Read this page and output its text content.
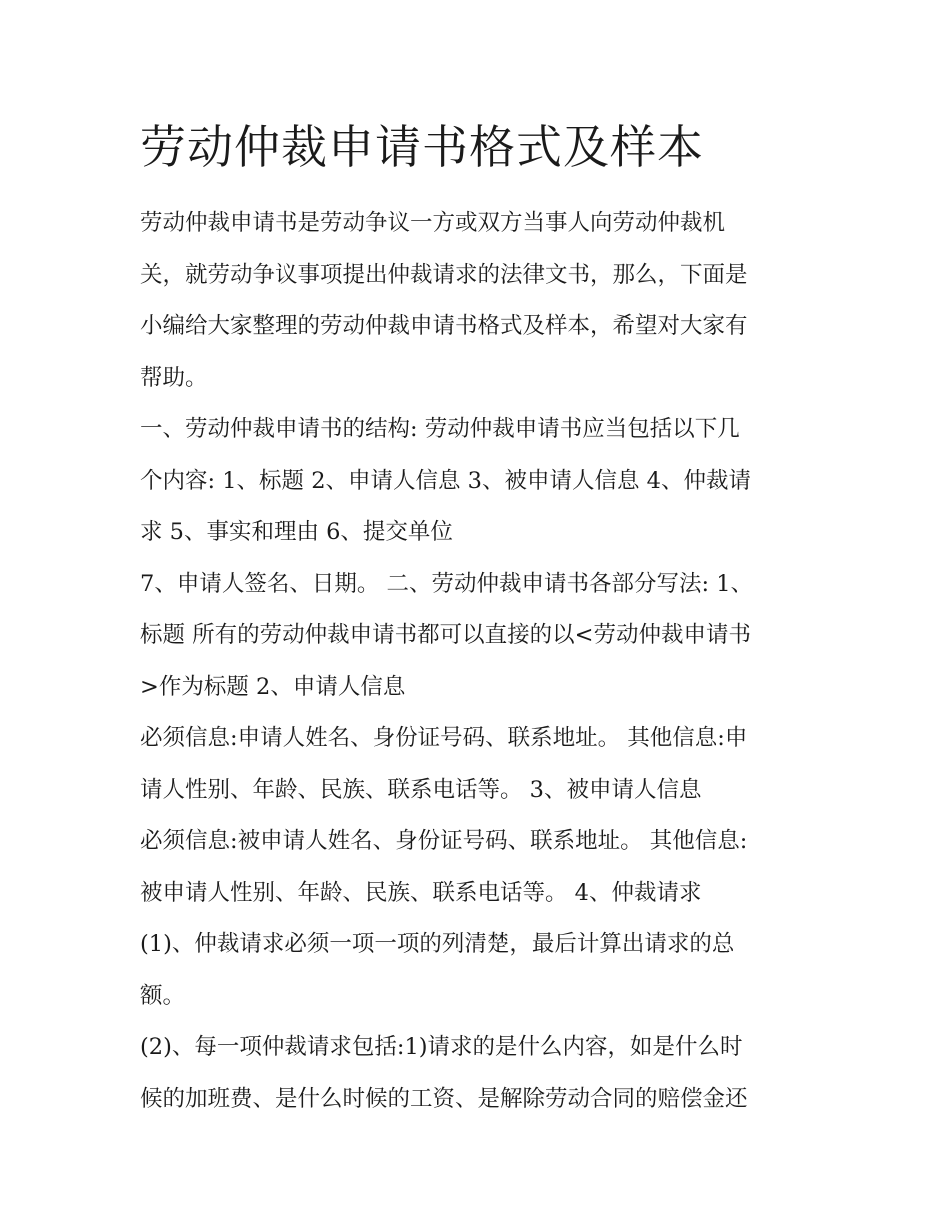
劳动仲裁申请书格式及样本
劳动仲裁申请书是劳动争议一方或双方当事人向劳动仲裁机
关，就劳动争议事项提出仲裁请求的法律文书，那么，下面是
小编给大家整理的劳动仲裁申请书格式及样本，希望对大家有
帮助。
一、劳动仲裁申请书的结构: 劳动仲裁申请书应当包括以下几
个内容: 1、标题 2、申请人信息 3、被申请人信息 4、仲裁请
求 5、事实和理由 6、提交单位
7、申请人签名、日期。 二、劳动仲裁申请书各部分写法: 1、
标题 所有的劳动仲裁申请书都可以直接的以<劳动仲裁申请书
>作为标题 2、申请人信息
必须信息:申请人姓名、身份证号码、联系地址。 其他信息:申
请人性别、年龄、民族、联系电话等。 3、被申请人信息
必须信息:被申请人姓名、身份证号码、联系地址。 其他信息:
被申请人性别、年龄、民族、联系电话等。 4、仲裁请求
(1)、仲裁请求必须一项一项的列清楚，最后计算出请求的总
额。
(2)、每一项仲裁请求包括:1)请求的是什么内容，如是什么时
候的加班费、是什么时候的工资、是解除劳动合同的赔偿金还
